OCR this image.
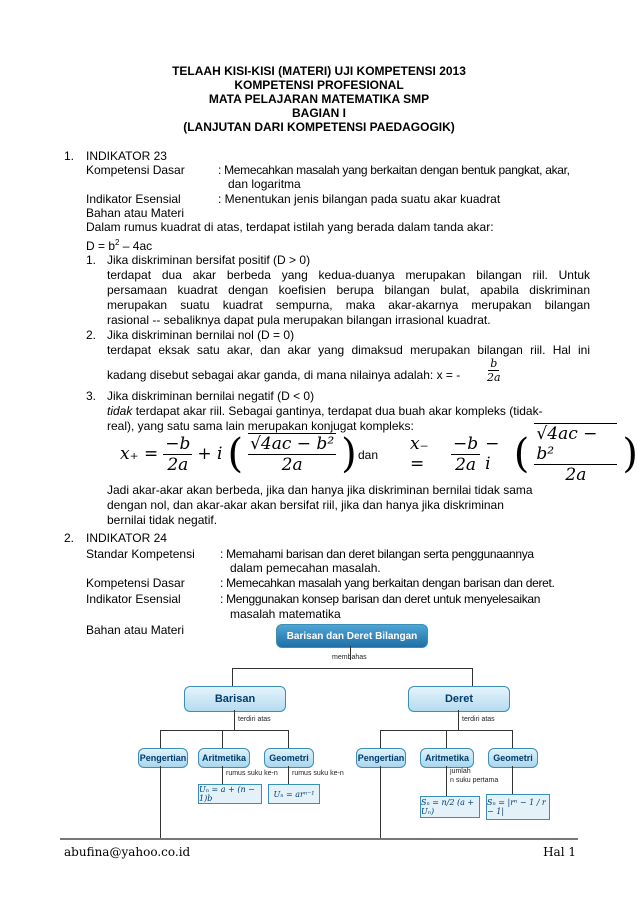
TELAAH KISI-KISI (MATERI) UJI KOMPETENSI 2013
KOMPETENSI PROFESIONAL
MATA PELAJARAN MATEMATIKA SMP
BAGIAN I
(LANJUTAN DARI KOMPETENSI PAEDAGOGIK)
1. INDIKATOR 23
Kompetensi Dasar	: Memecahkan masalah yang berkaitan dengan bentuk pangkat, akar,
dan logaritma
Indikator Esensial	: Menentukan jenis bilangan pada suatu akar kuadrat
Bahan atau Materi
Dalam rumus kuadrat di atas, terdapat istilah yang berada dalam tanda akar:
$D = b^2 - 4ac$
1. Jika diskriminan bersifat positif (D > 0)
terdapat dua akar berbeda yang kedua-duanya merupakan bilangan riil. Untuk
persamaan kuadrat dengan koefisien berupa bilangan bulat, apabila diskriminan
merupakan suatu kuadrat sempurna, maka akar-akarnya merupakan bilangan
rasional -- sebaliknya dapat pula merupakan bilangan irrasional kuadrat.
2. Jika diskriminan bernilai nol (D = 0)
terdapat eksak satu akar, dan akar yang dimaksud merupakan bilangan riil. Hal ini
kadang disebut sebagai akar ganda, di mana nilainya adalah: x = - $\frac{b}{2a}$
3. Jika diskriminan bernilai negatif (D < 0)
tidak terdapat akar riil. Sebagai gantinya, terdapat dua buah akar kompleks (tidak-
real), yang satu sama lain merupakan konjugat kompleks:
$x_+ = \frac{-b}{2a} + i$ ( $\frac{\text{√4ac − b²}}{2a}$ ) dan
x₋ =	$\frac{-b}{2a} - i$ ( $\frac{\text{√4ac − b²}}{2a}$ )
Jadi akar-akar akan berbeda, jika dan hanya jika diskriminan bernilai tidak sama
dengan nol, dan akar-akar akan bersifat riil, jika dan hanya jika diskriminan
bernilai tidak negatif.
2. INDIKATOR 24
Standar Kompetensi : Memahami barisan dan deret bilangan serta penggunaannya
dalam pemecahan masalah.
Kompetensi Dasar	: Memecahkan masalah yang berkaitan dengan barisan dan deret.
Indikator Esensial	: Menggunakan konsep barisan dan deret untuk menyelesaikan
masalah matematika
Bahan atau Materi	Barisan dan Deret Bilangan
membahas
Barisan	Deret
terdiri atas	terdiri atas
Pengertian	Aritmetika	Geometri	Pengertian	Aritmetika	Geometri
rumus suku ke-n rumus suku ke-n	jumlah
n suku pertama
Uₙ = a + (n − 1)b	Uₙ = arⁿ⁻¹
Sₙ = n/2 (a + Uₙ)
Sₙ = |rⁿ − 1 / r − 1|
abufina@yahoo.co.id	Hal 1
